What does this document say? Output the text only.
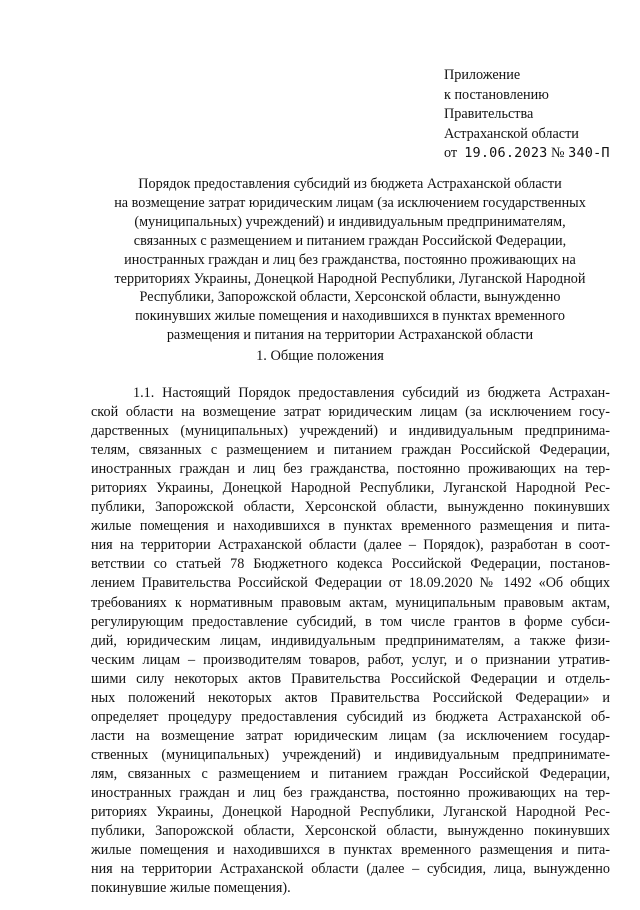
Приложение
к постановлению
Правительства
Астраханской области
от 19.06.2023 № 340-П
Порядок предоставления субсидий из бюджета Астраханской области
на возмещение затрат юридическим лицам (за исключением государственных
(муниципальных) учреждений) и индивидуальным предпринимателям,
связанных с размещением и питанием граждан Российской Федерации,
иностранных граждан и лиц без гражданства, постоянно проживающих на
территориях Украины, Донецкой Народной Республики, Луганской Народной
Республики, Запорожской области, Херсонской области, вынужденно
покинувших жилые помещения и находившихся в пунктах временного
размещения и питания на территории Астраханской области
1. Общие положения
1.1. Настоящий Порядок предоставления субсидий из бюджета Астрахан-
ской области на возмещение затрат юридическим лицам (за исключением госу-
дарственных (муниципальных) учреждений) и индивидуальным предпринима-
телям, связанных с размещением и питанием граждан Российской Федерации,
иностранных граждан и лиц без гражданства, постоянно проживающих на тер-
риториях Украины, Донецкой Народной Республики, Луганской Народной Рес-
публики, Запорожской области, Херсонской области, вынужденно покинувших
жилые помещения и находившихся в пунктах временного размещения и пита-
ния на территории Астраханской области (далее – Порядок), разработан в соот-
ветствии со статьей 78 Бюджетного кодекса Российской Федерации, постанов-
лением Правительства Российской Федерации от 18.09.2020 № 1492 «Об общих
требованиях к нормативным правовым актам, муниципальным правовым актам,
регулирующим предоставление субсидий, в том числе грантов в форме субси-
дий, юридическим лицам, индивидуальным предпринимателям, а также физи-
ческим лицам – производителям товаров, работ, услуг, и о признании утратив-
шими силу некоторых актов Правительства Российской Федерации и отдель-
ных положений некоторых актов Правительства Российской Федерации» и
определяет процедуру предоставления субсидий из бюджета Астраханской об-
ласти на возмещение затрат юридическим лицам (за исключением государ-
ственных (муниципальных) учреждений) и индивидуальным предпринимате-
лям, связанных с размещением и питанием граждан Российской Федерации,
иностранных граждан и лиц без гражданства, постоянно проживающих на тер-
риториях Украины, Донецкой Народной Республики, Луганской Народной Рес-
публики, Запорожской области, Херсонской области, вынужденно покинувших
жилые помещения и находившихся в пунктах временного размещения и пита-
ния на территории Астраханской области (далее – субсидия, лица, вынужденно
покинувшие жилые помещения).
